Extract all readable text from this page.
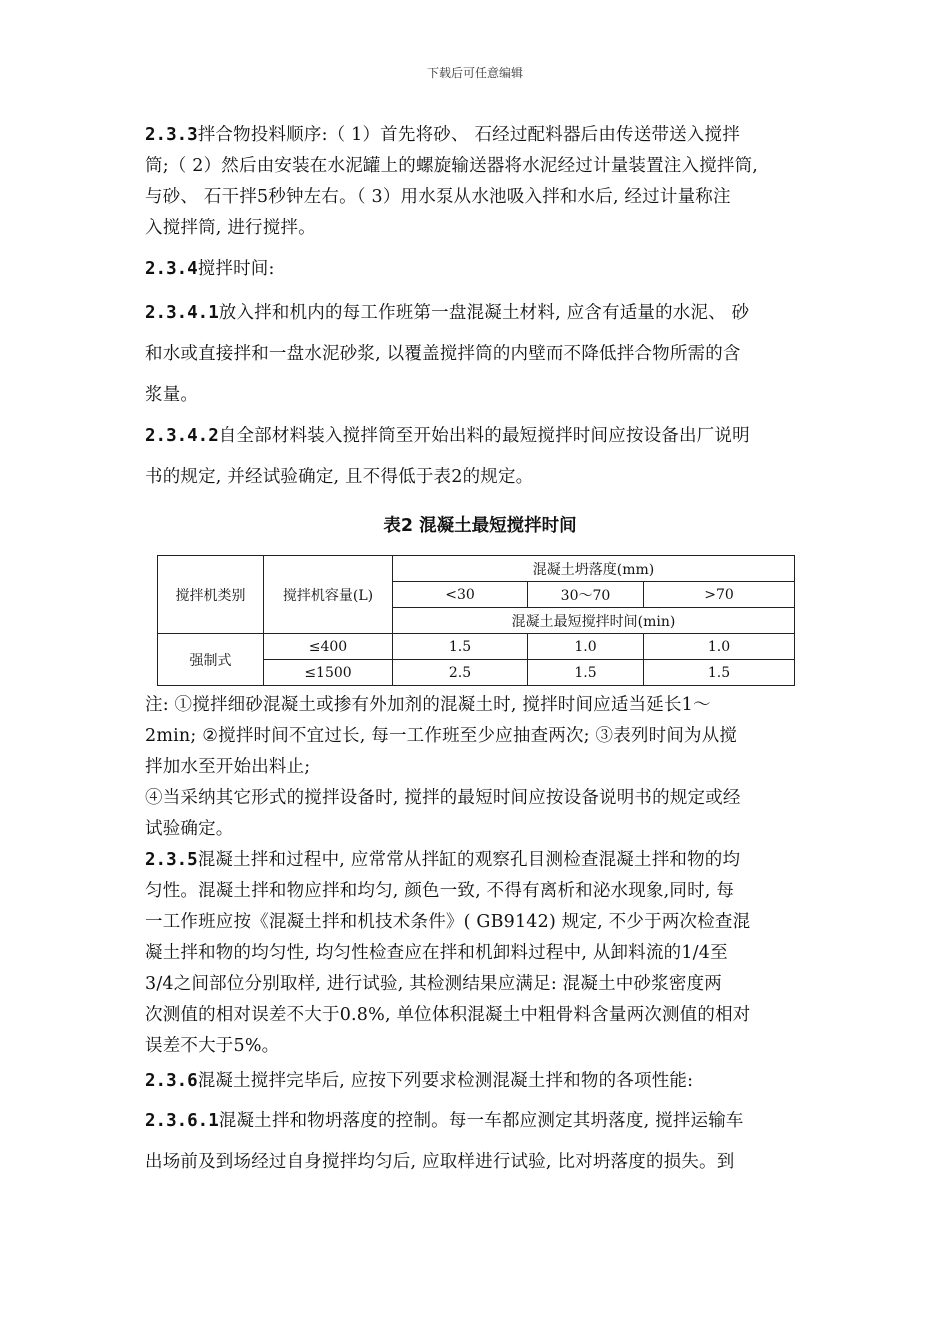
下载后可任意编辑

2.3.3拌合物投料顺序:（ 1）首先将砂、 石经过配料器后由传送带送入搅拌
筒;（ 2）然后由安装在水泥罐上的螺旋输送器将水泥经过计量装置注入搅拌筒,
与砂、 石干拌5秒钟左右。（ 3）用水泵从水池吸入拌和水后, 经过计量称注
入搅拌筒, 进行搅拌。

2.3.4搅拌时间:

2.3.4.1放入拌和机内的每工作班第一盘混凝土材料, 应含有适量的水泥、 砂
和水或直接拌和一盘水泥砂浆, 以覆盖搅拌筒的内壁而不降低拌合物所需的含
浆量。

2.3.4.2自全部材料装入搅拌筒至开始出料的最短搅拌时间应按设备出厂说明
书的规定, 并经试验确定, 且不得低于表2的规定。

表2 混凝土最短搅拌时间
搅拌机类别	搅拌机容量(L)	混凝土坍落度(mm)		
		<30	30～70	>70
		混凝土最短搅拌时间(min)		
强制式	≤400	1.5	1.0	1.0
	≤1500	2.5	1.5	1.5

注: ①搅拌细砂混凝土或掺有外加剂的混凝土时, 搅拌时间应适当延长1～
2min; ②搅拌时间不宜过长, 每一工作班至少应抽查两次; ③表列时间为从搅
拌加水至开始出料止;
④当采纳其它形式的搅拌设备时, 搅拌的最短时间应按设备说明书的规定或经
试验确定。

2.3.5混凝土拌和过程中, 应常常从拌缸的观察孔目测检查混凝土拌和物的均
匀性。混凝土拌和物应拌和均匀, 颜色一致, 不得有离析和泌水现象,同时, 每
一工作班应按《混凝土拌和机技术条件》( GB9142) 规定, 不少于两次检查混
凝土拌和物的均匀性, 均匀性检查应在拌和机卸料过程中, 从卸料流的1/4至
3/4之间部位分别取样, 进行试验, 其检测结果应满足: 混凝土中砂浆密度两
次测值的相对误差不大于0.8%, 单位体积混凝土中粗骨料含量两次测值的相对
误差不大于5%。

2.3.6混凝土搅拌完毕后, 应按下列要求检测混凝土拌和物的各项性能:

2.3.6.1混凝土拌和物坍落度的控制。每一车都应测定其坍落度, 搅拌运输车
出场前及到场经过自身搅拌均匀后, 应取样进行试验, 比对坍落度的损失。到
